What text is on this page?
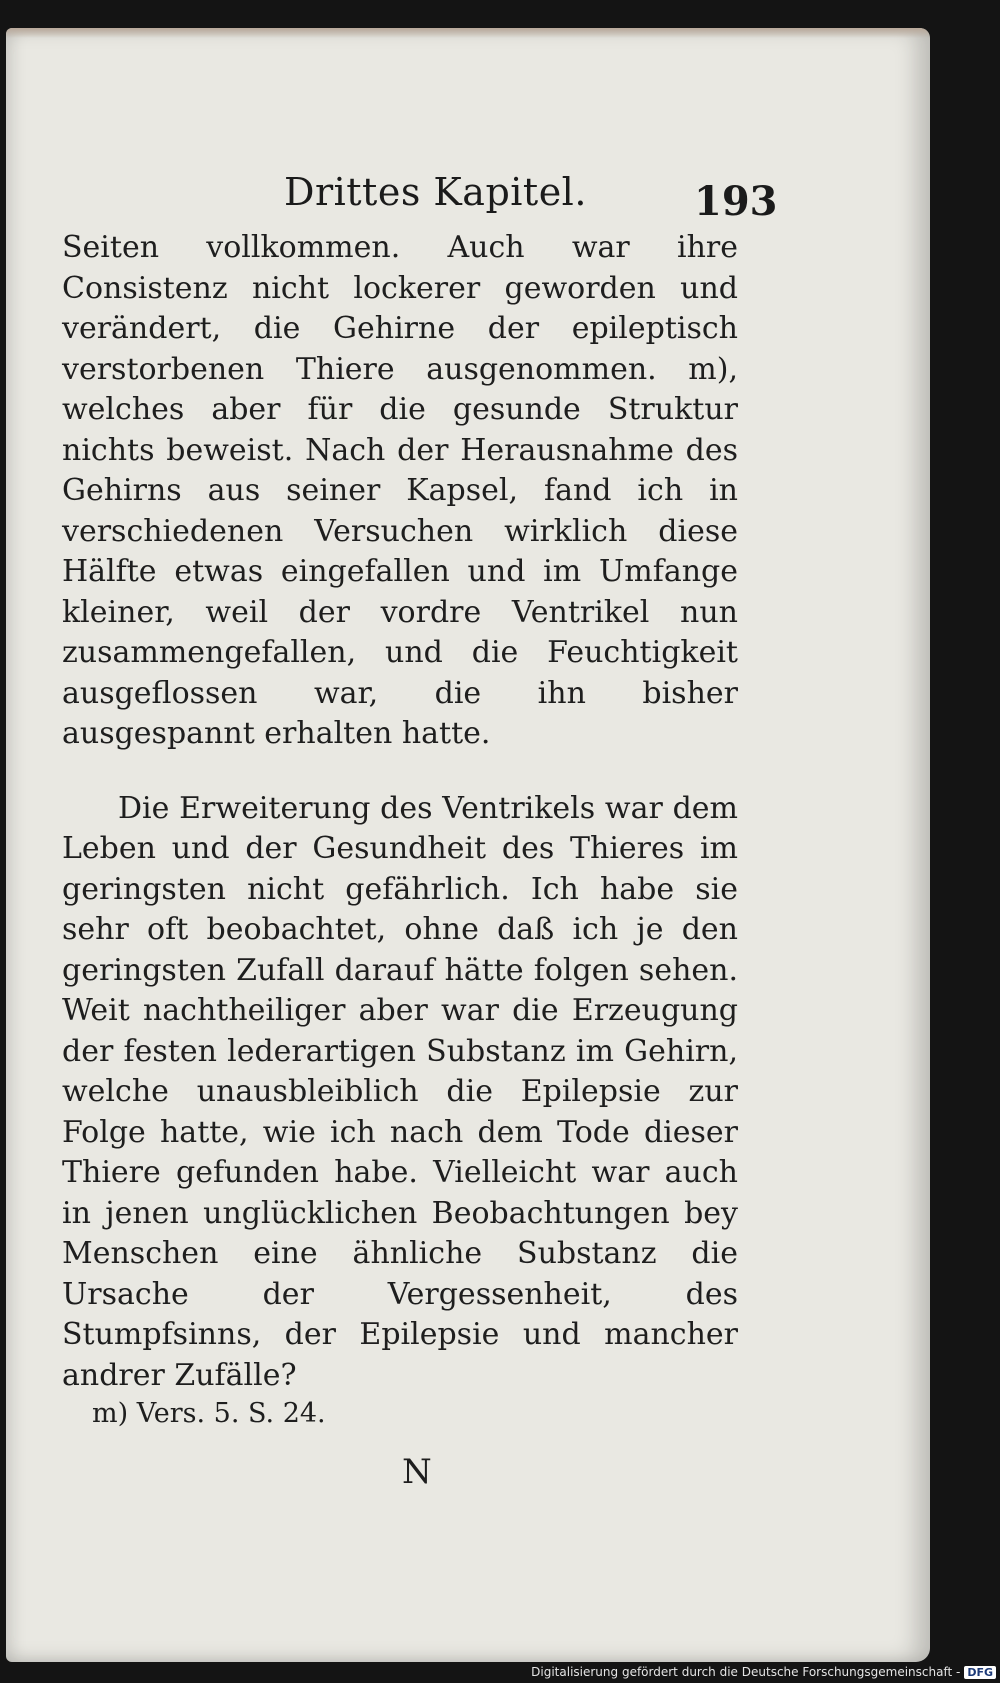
Drittes Kapitel.	193

Seiten vollkommen. Auch war ihre Consistenz nicht lockerer geworden und verändert, die Gehirne der epileptisch verstorbenen Thiere ausgenommen. m), welches aber für die gesunde Struktur nichts beweist. Nach der Herausnahme des Gehirns aus seiner Kapsel, fand ich in verschiedenen Versuchen wirklich diese Hälfte etwas eingefallen und im Umfange kleiner, weil der vordre Ventrikel nun zusammengefallen, und die Feuchtigkeit ausgeflossen war, die ihn bisher ausgespannt erhalten hatte.

Die Erweiterung des Ventrikels war dem Leben und der Gesundheit des Thieres im geringsten nicht gefährlich. Ich habe sie sehr oft beobachtet, ohne daß ich je den geringsten Zufall darauf hätte folgen sehen. Weit nachtheiliger aber war die Erzeugung der festen lederartigen Substanz im Gehirn, welche unausbleiblich die Epilepsie zur Folge hatte, wie ich nach dem Tode dieser Thiere gefunden habe. Vielleicht war auch in jenen unglücklichen Beobachtungen bey Menschen eine ähnliche Substanz die Ursache der Vergessenheit, des Stumpfsinns, der Epilepsie und mancher andrer Zufälle?

m) Vers. 5. S. 24.
N
Digitalisierung gefördert durch die Deutsche Forschungsgemeinschaft - DFG
